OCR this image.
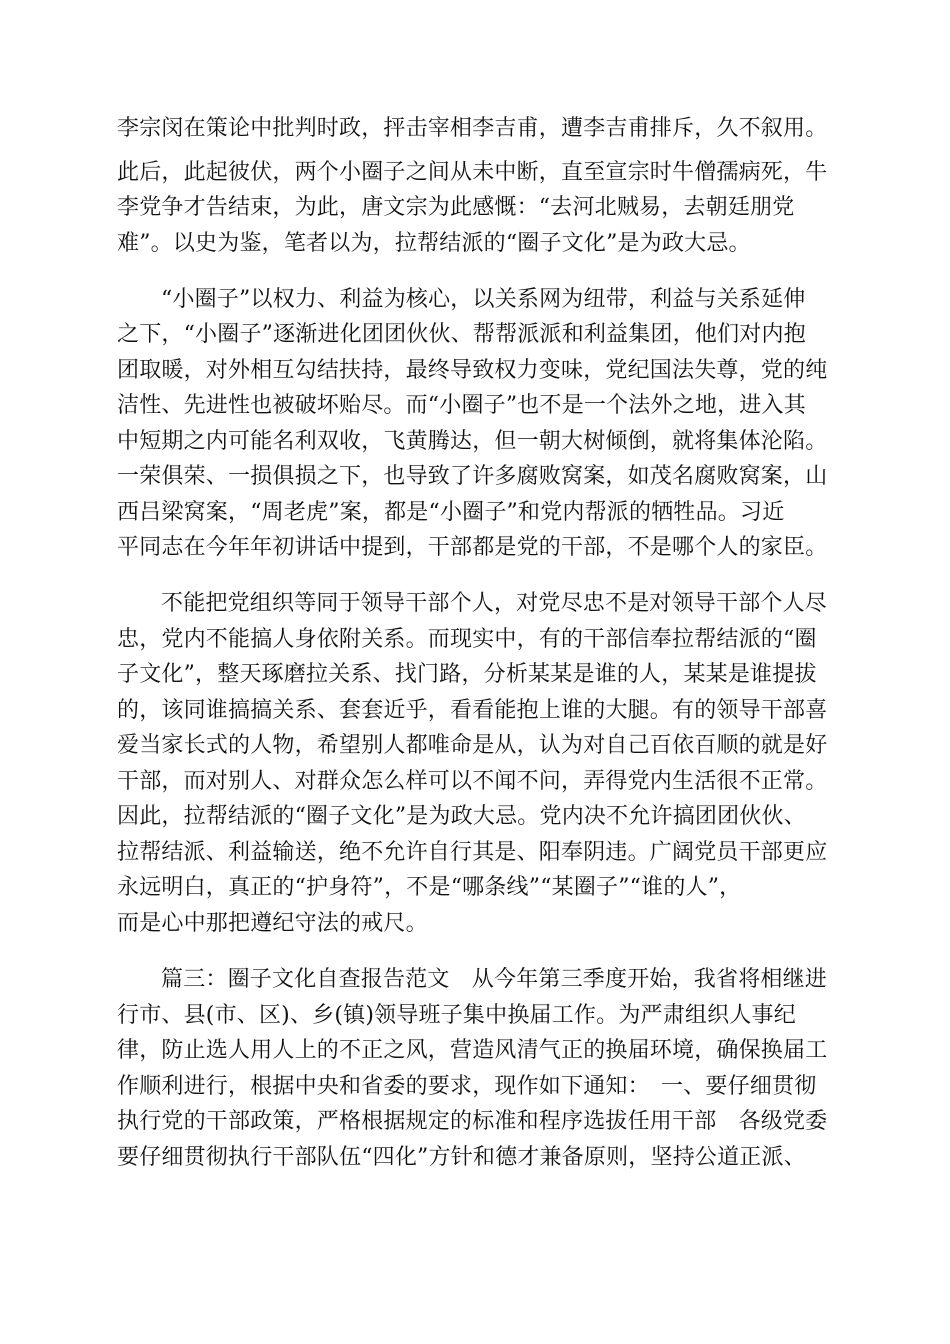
李宗闵在策论中批判时政，抨击宰相李吉甫，遭李吉甫排斥，久不叙用。
此后，此起彼伏，两个小圈子之间从未中断，直至宣宗时牛僧孺病死，牛
李党争才告结束，为此，唐文宗为此感慨：“去河北贼易，去朝廷朋党
难”。以史为鉴，笔者以为，拉帮结派的“圈子文化”是为政大忌。
“小圈子”以权力、利益为核心，以关系网为纽带，利益与关系延伸
之下，“小圈子”逐渐进化团团伙伙、帮帮派派和利益集团，他们对内抱
团取暖，对外相互勾结扶持，最终导致权力变味，党纪国法失尊，党的纯
洁性、先进性也被破坏贻尽。而“小圈子”也不是一个法外之地，进入其
中短期之内可能名利双收，飞黄腾达，但一朝大树倾倒，就将集体沦陷。
一荣俱荣、一损俱损之下，也导致了许多腐败窝案，如茂名腐败窝案，山
西吕梁窝案，“周老虎”案，都是“小圈子”和党内帮派的牺牲品。习近
平同志在今年年初讲话中提到，干部都是党的干部，不是哪个人的家臣。
不能把党组织等同于领导干部个人，对党尽忠不是对领导干部个人尽
忠，党内不能搞人身依附关系。而现实中，有的干部信奉拉帮结派的“圈
子文化”，整天琢磨拉关系、找门路，分析某某是谁的人，某某是谁提拔
的，该同谁搞搞关系、套套近乎，看看能抱上谁的大腿。有的领导干部喜
爱当家长式的人物，希望别人都唯命是从，认为对自己百依百顺的就是好
干部，而对别人、对群众怎么样可以不闻不问，弄得党内生活很不正常。
因此，拉帮结派的“圈子文化”是为政大忌。党内决不允许搞团团伙伙、
拉帮结派、利益输送，绝不允许自行其是、阳奉阴违。广阔党员干部更应
永远明白，真正的“护身符”，不是“哪条线”“某圈子”“谁的人”，
而是心中那把遵纪守法的戒尺。
篇三：圈子文化自查报告范文　从今年第三季度开始，我省将相继进
行市、县(市、区)、乡(镇)领导班子集中换届工作。为严肃组织人事纪
律，防止选人用人上的不正之风，营造风清气正的换届环境，确保换届工
作顺利进行，根据中央和省委的要求，现作如下通知：　一、要仔细贯彻
执行党的干部政策，严格根据规定的标准和程序选拔任用干部　各级党委
要仔细贯彻执行干部队伍“四化”方针和德才兼备原则，坚持公道正派、
